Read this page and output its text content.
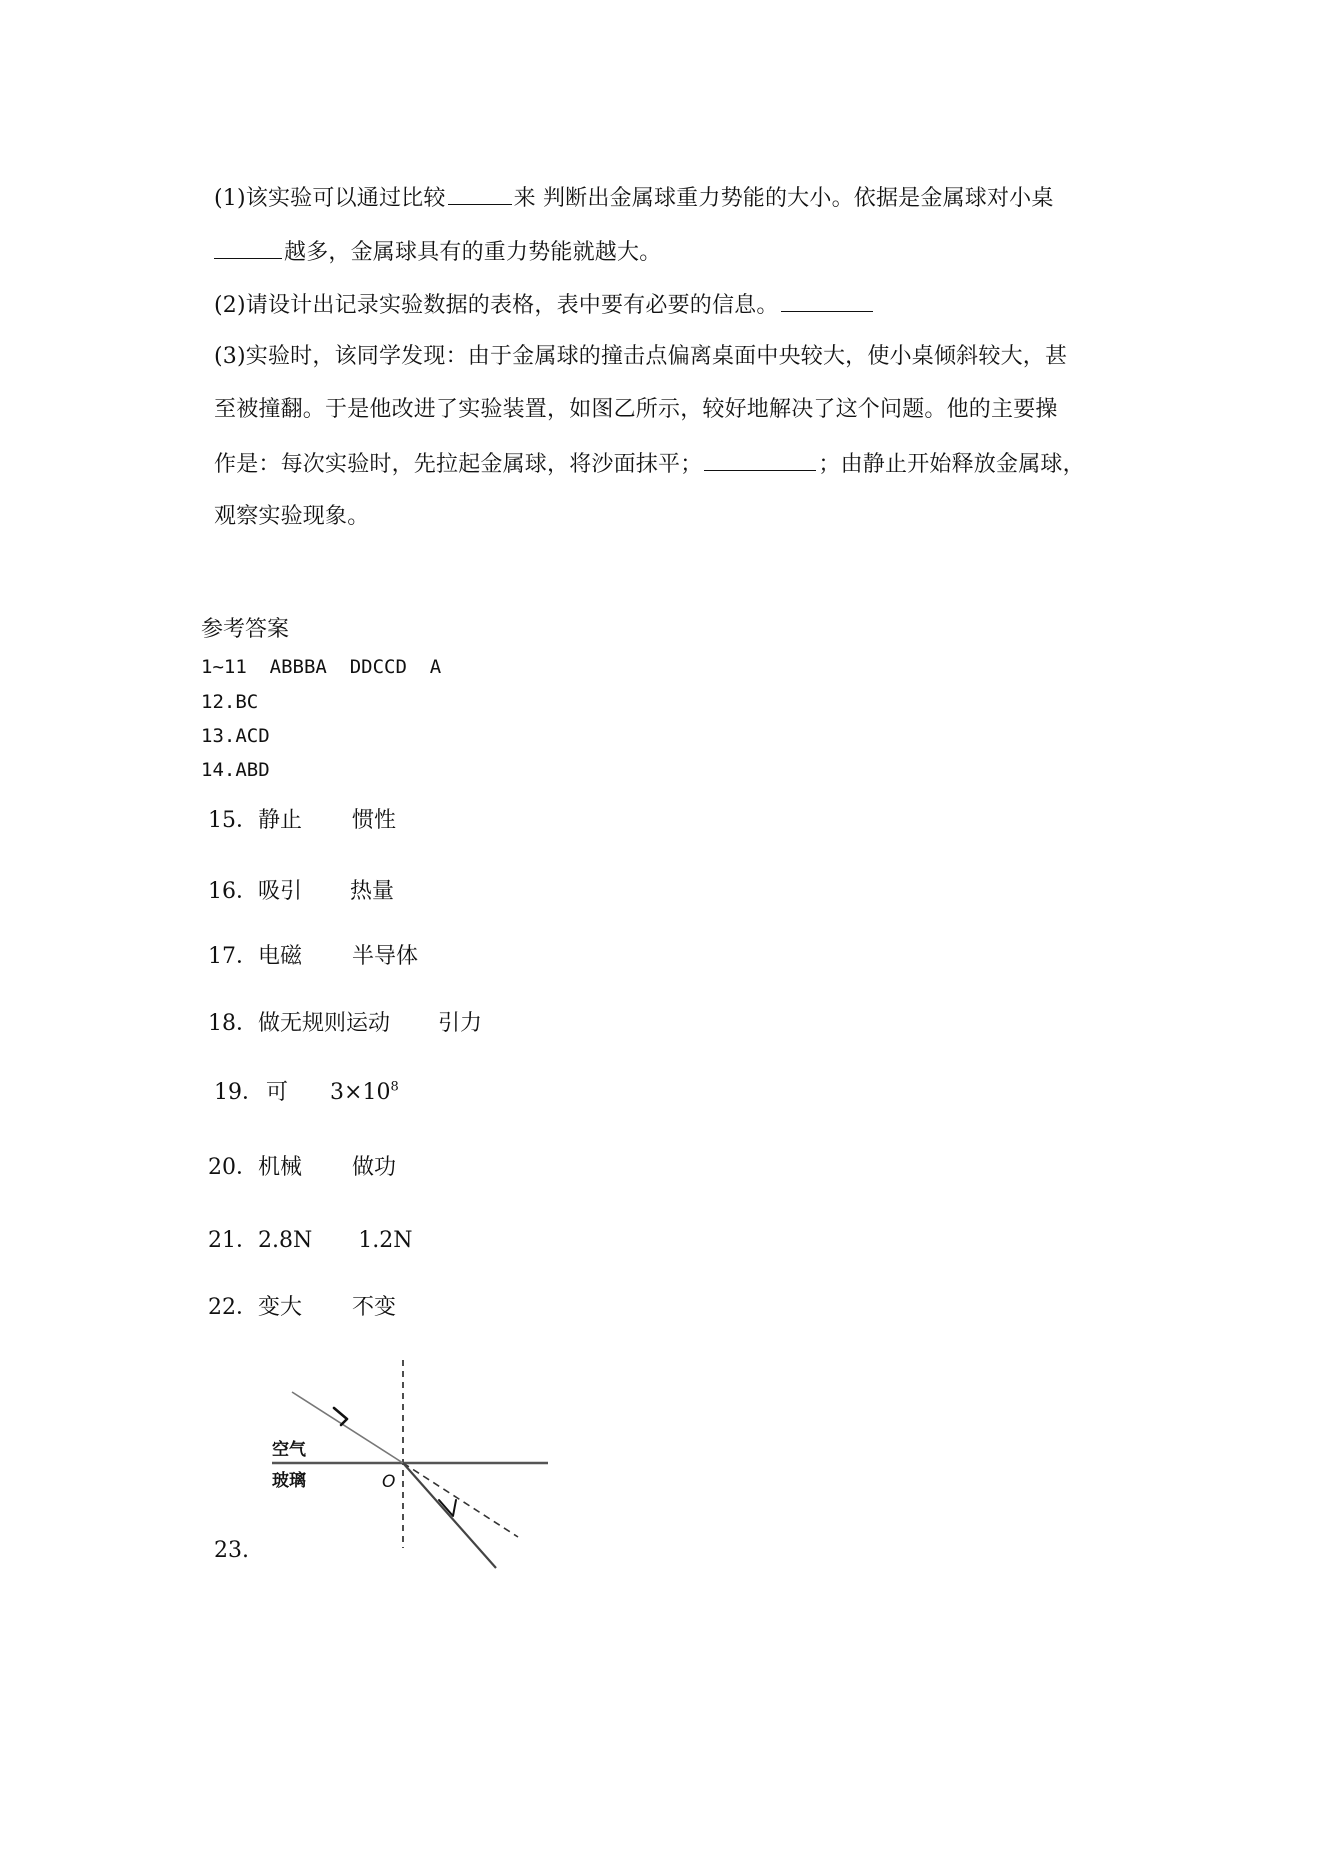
(1)该实验可以通过比较	来 判断出金属球重力势能的大小。依据是金属球对小桌
越多，金属球具有的重力势能就越大。
(2)请设计出记录实验数据的表格，表中要有必要的信息。
(3)实验时，该同学发现：由于金属球的撞击点偏离桌面中央较大，使小桌倾斜较大，甚
至被撞翻。于是他改进了实验装置，如图乙所示，较好地解决了这个问题。他的主要操
作是：每次实验时，先拉起金属球，将沙面抹平；	；由静止开始释放金属球，
观察实验现象。
参考答案
1~11  ABBBA  DDCCD  A
12.BC
13.ACD
14.ABD
15．静止 惯性
16．吸引 热量
17．电磁 半导体
18．做无规则运动 引力
19．可 $3\times 10^8$
20．机械 做功
21．2.8N 1.2N
22．变大 不变
空气
玻璃	O
23.
